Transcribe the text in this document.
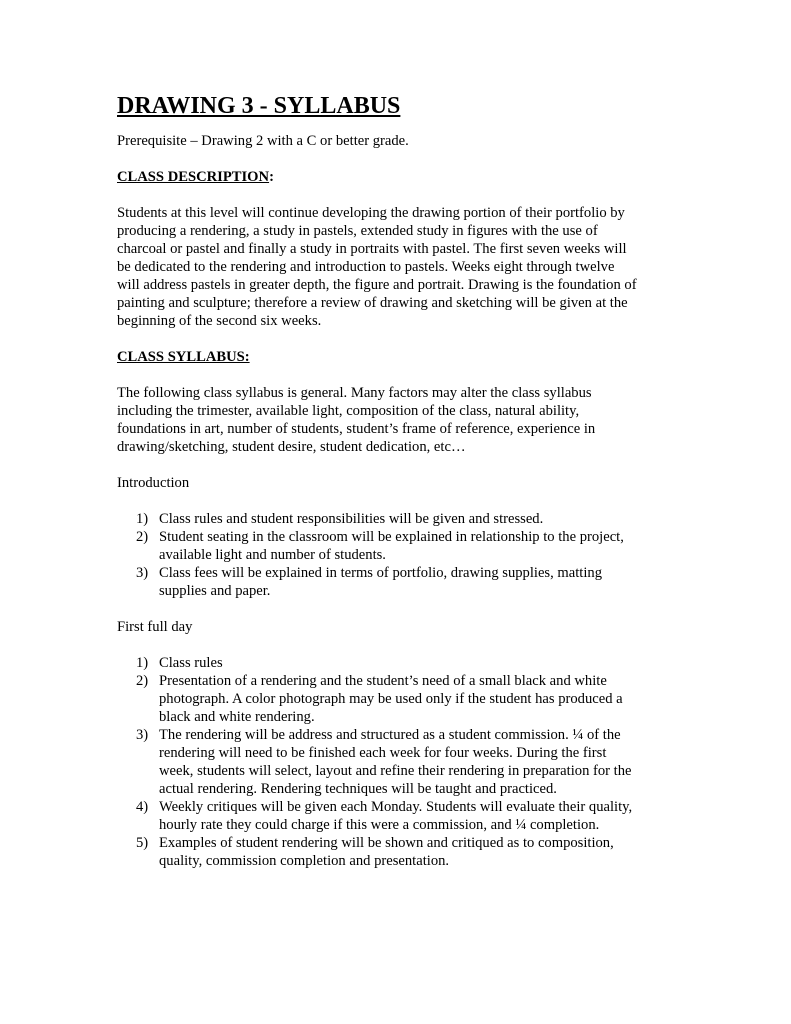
DRAWING 3 - SYLLABUS

Prerequisite – Drawing 2 with a C or better grade.

CLASS DESCRIPTION:

Students at this level will continue developing the drawing portion of their portfolio by
producing a rendering, a study in pastels, extended study in figures with the use of
charcoal or pastel and finally a study in portraits with pastel. The first seven weeks will
be dedicated to the rendering and introduction to pastels. Weeks eight through twelve
will address pastels in greater depth, the figure and portrait. Drawing is the foundation of
painting and sculpture; therefore a review of drawing and sketching will be given at the
beginning of the second six weeks.

CLASS SYLLABUS:

The following class syllabus is general. Many factors may alter the class syllabus
including the trimester, available light, composition of the class, natural ability,
foundations in art, number of students, student’s frame of reference, experience in
drawing/sketching, student desire, student dedication, etc…

Introduction

1) Class rules and student responsibilities will be given and stressed.
2) Student seating in the classroom will be explained in relationship to the project,
available light and number of students.
3) Class fees will be explained in terms of portfolio, drawing supplies, matting
supplies and paper.

First full day

1) Class rules
2) Presentation of a rendering and the student’s need of a small black and white
photograph. A color photograph may be used only if the student has produced a
black and white rendering.
3) The rendering will be address and structured as a student commission. ¼ of the
rendering will need to be finished each week for four weeks. During the first
week, students will select, layout and refine their rendering in preparation for the
actual rendering. Rendering techniques will be taught and practiced.
4) Weekly critiques will be given each Monday. Students will evaluate their quality,
hourly rate they could charge if this were a commission, and ¼ completion.
5) Examples of student rendering will be shown and critiqued as to composition,
quality, commission completion and presentation.
